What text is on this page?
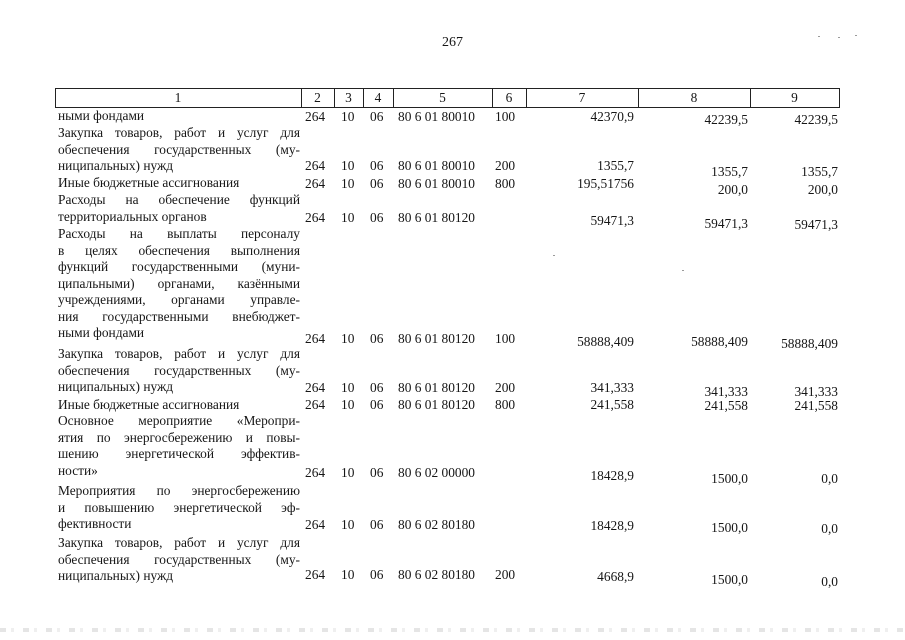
267
1	2	3	4	5	6	7	8	9
ными фондами	264 10 06 80 6 01 80010 100	42370,9	42239,5	42239,5
Закупка товаров, работ и услуг для
обеспечения государственных (му-
ниципальных) нужд	264 10 06 80 6 01 80010 200	1355,7	1355,7	1355,7
Иные бюджетные ассигнования	264 10 06 80 6 01 80010 800	195,51756	200,0	200,0
Расходы на обеспечение функций
территориальных органов	264 10 06 80 6 01 80120	59471,3	59471,3	59471,3
Расходы на выплаты персоналу
в целях обеспечения выполнения
функций государственными (муни-
ципальными) органами, казёнными
учреждениями, органами управле-
ния государственными внебюджет-
ными фондами	264 10 06 80 6 01 80120 100	58888,409	58888,409	58888,409
Закупка товаров, работ и услуг для
обеспечения государственных (му-
ниципальных) нужд	264 10 06 80 6 01 80120 200	341,333	341,333	341,333
Иные бюджетные ассигнования	264 10 06 80 6 01 80120 800	241,558	241,558	241,558
Основное мероприятие «Меропри-
ятия по энергосбережению и повы-
шению энергетической эффектив-
ности»	264 10 06 80 6 02 00000	18428,9	1500,0	0,0
Мероприятия по энергосбережению
и повышению энергетической эф-
фективности	264 10 06 80 6 02 80180	18428,9	1500,0	0,0
Закупка товаров, работ и услуг для
обеспечения государственных (му-
ниципальных) нужд	264 10 06 80 6 02 80180 200	4668,9	1500,0	0,0
